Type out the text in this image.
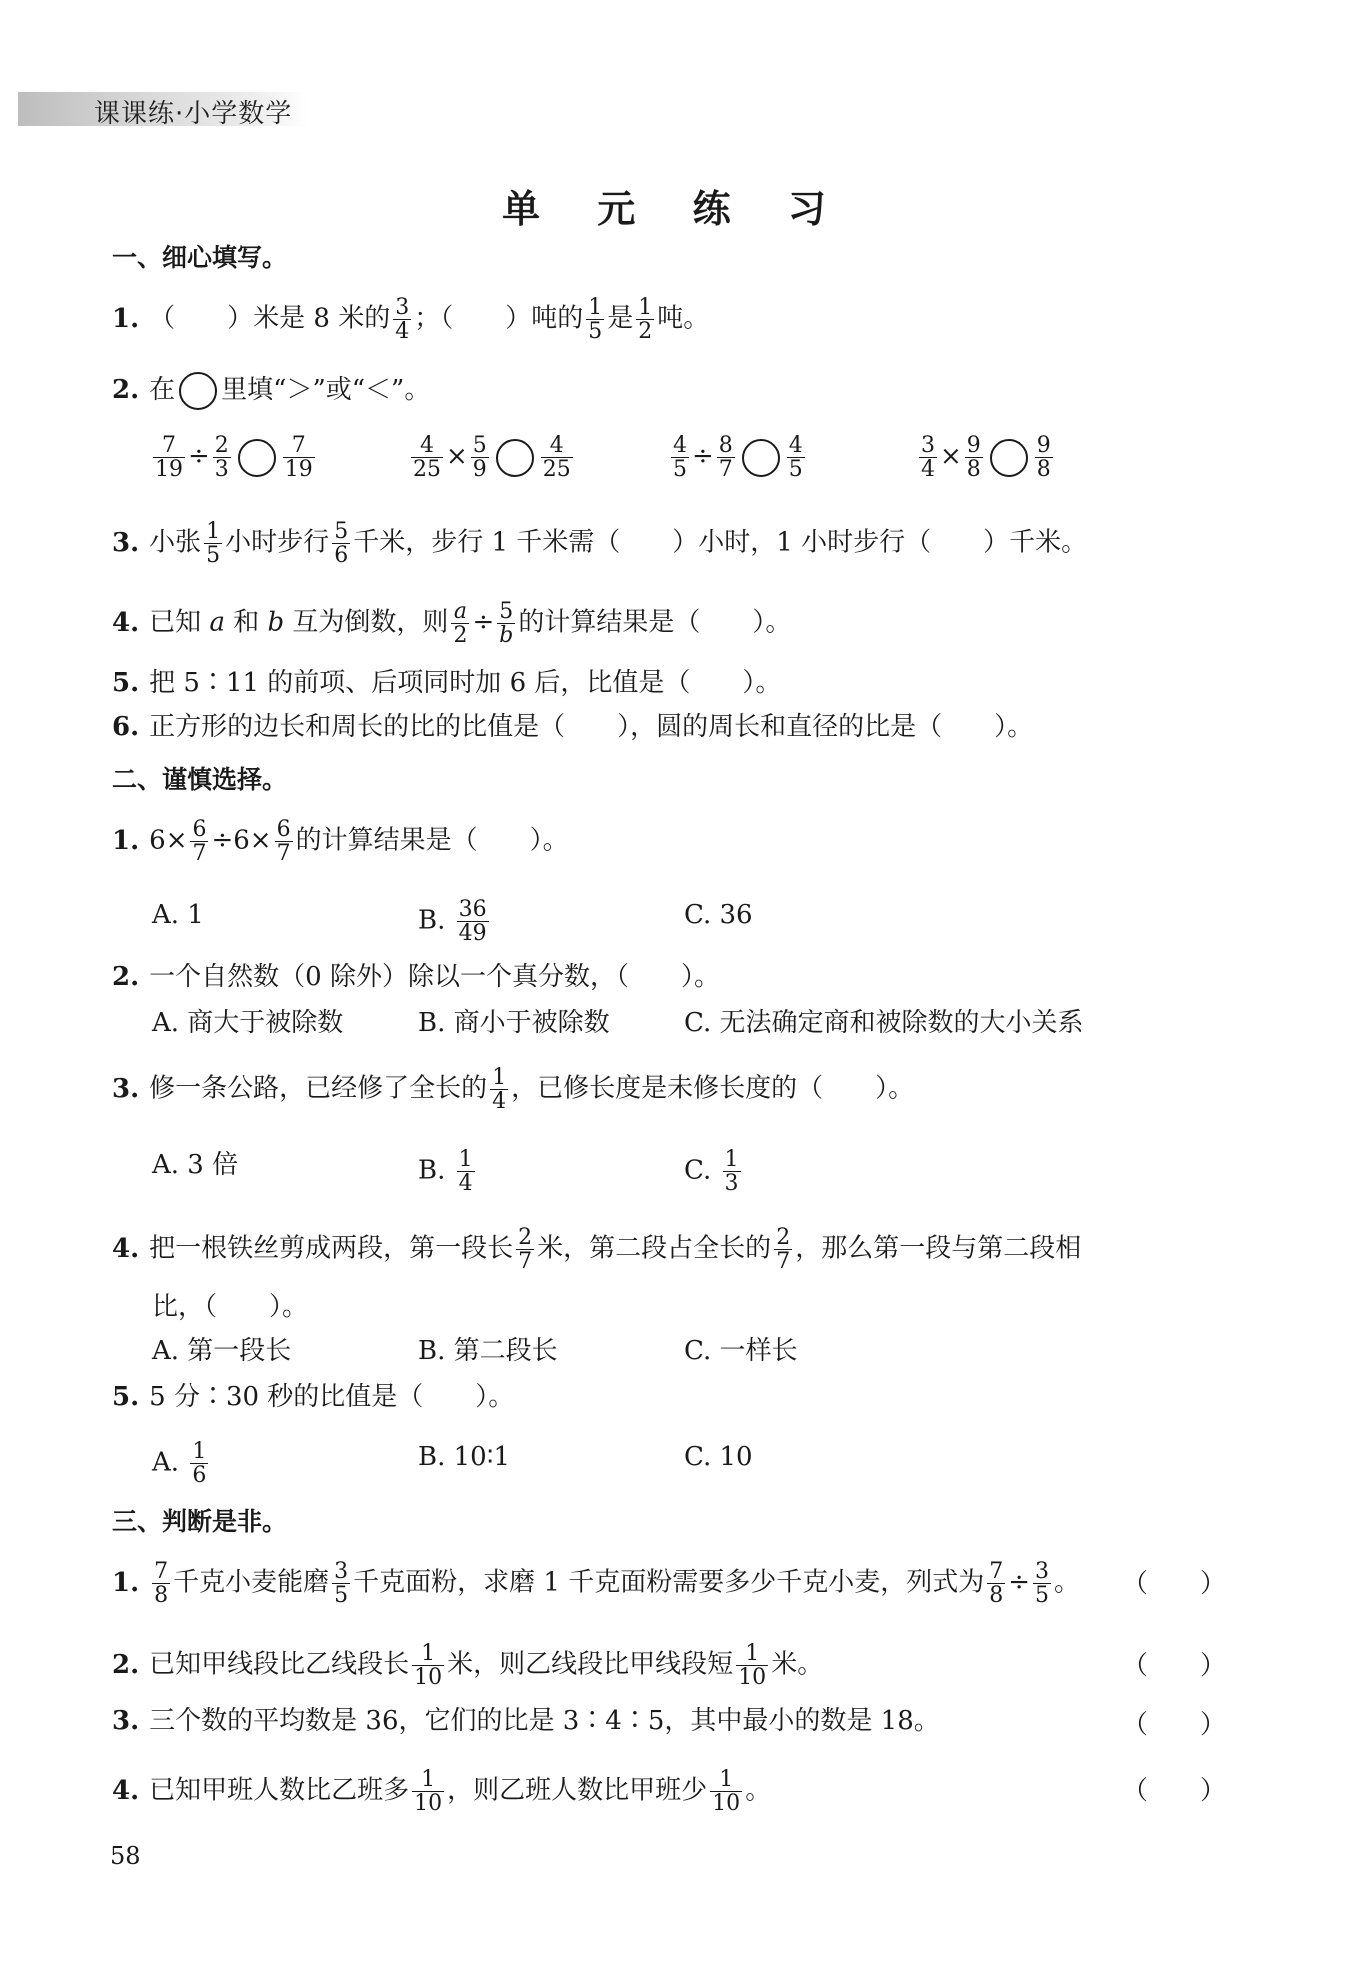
课课练·小学数学
单 元 练 习
一、细心填写。
1. （　　）米是 8 米的 $\frac{3}{4}$ ；（　　）吨的 $\frac{1}{5}$ 是 $\frac{1}{2}$ 吨。
2. 在 里填“＞”或“＜”。
$\frac{7}{19} \div \frac{2}{3} \frac{7}{19}$	$\frac{4}{25} \times \frac{5}{9} \frac{4}{25}$	$\frac{4}{5} \div \frac{8}{7} \frac{4}{5}$	$\frac{3}{4} \times \frac{9}{8} \frac{9}{8}$
3. 小张 $\frac{1}{5}$ 小时步行 $\frac{5}{6}$ 千米，步行 1 千米需（　　）小时，1 小时步行（　　）千米。
4. 已知 a 和 b 互为倒数，则 $\frac{a}{2} \div \frac{5}{b}$ 的计算结果是（　　）。
5. 把 5∶11 的前项、后项同时加 6 后，比值是（　　）。
6. 正方形的边长和周长的比的比值是（　　），圆的周长和直径的比是（　　）。
二、谨慎选择。
1. $6\times \frac{6}{7} \div 6\times \frac{6}{7}$ 的计算结果是（　　）。
A. 1	B. $\frac{36}{49}$	C. 36
2. 一个自然数（0 除外）除以一个真分数，（　　）。
A. 商大于被除数	B. 商小于被除数	C. 无法确定商和被除数的大小关系
3. 修一条公路，已经修了全长的 $\frac{1}{4}$ ，已修长度是未修长度的（　　）。
A. 3 倍	B. $\frac{1}{4}$	C. $\frac{1}{3}$
4. 把一根铁丝剪成两段，第一段长 $\frac{2}{7}$ 米，第二段占全长的 $\frac{2}{7}$ ，那么第一段与第二段相
比，（　　）。
A. 第一段长	B. 第二段长	C. 一样长
5. 5 分∶30 秒的比值是（　　）。
A. $\frac{1}{6}$	B. 10∶1	C. 10
三、判断是非。
1. $\frac{7}{8}$ 千克小麦能磨 $\frac{3}{5}$ 千克面粉，求磨 1 千克面粉需要多少千克小麦，列式为 $\frac{7}{8} \div \frac{3}{5}$ 。 （　　）
2. 已知甲线段比乙线段长 $\frac{1}{10}$ 米，则乙线段比甲线段短 $\frac{1}{10}$ 米。	（　　）
3. 三个数的平均数是 36，它们的比是 3∶4∶5，其中最小的数是 18。	（　　）
4. 已知甲班人数比乙班多 $\frac{1}{10}$ ，则乙班人数比甲班少 $\frac{1}{10}$ 。	（　　）
58
